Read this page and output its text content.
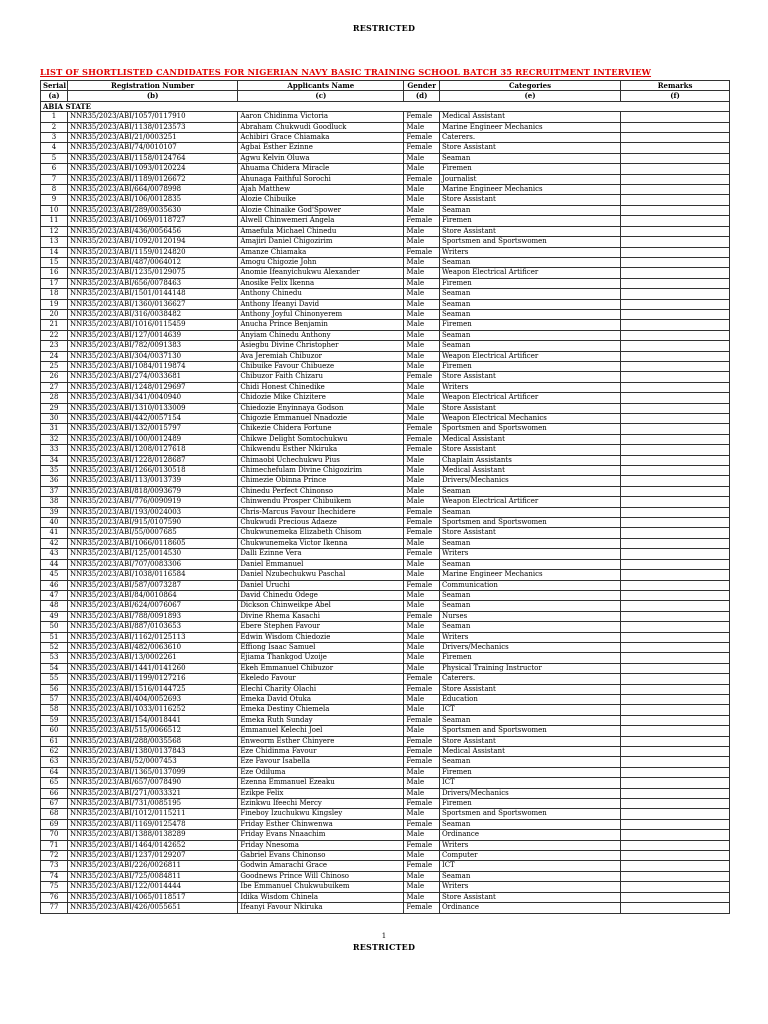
RESTRICTED
LIST OF SHORTLISTED CANDIDATES FOR NIGERIAN NAVY BASIC TRAINING SCHOOL BATCH 35 RECRUITMENT INTERVIEW
Serial	Registration Number	Applicants Name	Gender	Categories	Remarks
(a)	(b)	(c)	(d)	(e)	(f)
ABIA STATE					
1	NNR35/2023/ABI/1057/0117910	Aaron Chidinma Victoria	Female	Medical Assistant	
2	NNR35/2023/ABI/1138/0123573	Abraham Chukwudi Goodluck	Male	Marine Engineer Mechanics	
3	NNR35/2023/ABI/21/0003251	Achibiri Grace Chiamaka	Female	Caterers.	
4	NNR35/2023/ABI/74/0010107	Agbai Esther Ezinne	Female	Store Assistant	
5	NNR35/2023/ABI/1158/0124764	Agwu Kelvin Oluwa	Male	Seaman	
6	NNR35/2023/ABI/1093/0120224	Ahuama Chidera Miracle	Male	Firemen	
7	NNR35/2023/ABI/1189/0126672	Ahunaga Faithful Sorochi	Female	Journalist	
8	NNR35/2023/ABI/664/0078998	Ajah Matthew	Male	Marine Engineer Mechanics	
9	NNR35/2023/ABI/106/0012835	Alozie Chibuike	Male	Store Assistant	
10	NNR35/2023/ABI/289/0035630	Alozie Chinaike God'Spower	Male	Seaman	
11	NNR35/2023/ABI/1069/0118727	Alwell Chinwemeri Angela	Female	Firemen	
12	NNR35/2023/ABI/436/0056456	Amaefula Michael Chinedu	Male	Store Assistant	
13	NNR35/2023/ABI/1092/0120194	Amajiri Daniel Chigozirim	Male	Sportsmen and Sportswomen	
14	NNR35/2023/ABI/1159/0124820	Amanze Chiamaka	Female	Writers	
15	NNR35/2023/ABI/487/0064012	Amogu Chigozie John	Male	Seaman	
16	NNR35/2023/ABI/1235/0129075	Anomie Ifeanyichukwu Alexander	Male	Weapon Electrical Artificer	
17	NNR35/2023/ABI/656/0078463	Anosike Felix Ikenna	Male	Firemen	
18	NNR35/2023/ABI/1501/0144148	Anthony Chinedu	Male	Seaman	
19	NNR35/2023/ABI/1360/0136627	Anthony Ifeanyi David	Male	Seaman	
20	NNR35/2023/ABI/316/0038482	Anthony Joyful Chinonyerem	Male	Seaman	
21	NNR35/2023/ABI/1016/0115459	Anucha Prince Benjamin	Male	Firemen	
22	NNR35/2023/ABI/127/0014639	Anyiam Chinedu Anthony	Male	Seaman	
23	NNR35/2023/ABI/782/0091383	Asiegbu Divine Christopher	Male	Seaman	
24	NNR35/2023/ABI/304/0037130	Ava Jeremiah Chibuzor	Male	Weapon Electrical Artificer	
25	NNR35/2023/ABI/1084/0119874	Chibuike Favour Chibueze	Male	Firemen	
26	NNR35/2023/ABI/274/0033681	Chibuzor Faith Chizaru	Female	Store Assistant	
27	NNR35/2023/ABI/1248/0129697	Chidi Honest Chinedike	Male	Writers	
28	NNR35/2023/ABI/341/0040940	Chidozie Mike Chiziterе	Male	Weapon Electrical Artificer	
29	NNR35/2023/ABI/1310/0133009	Chiedozie Enyinnaya Godson	Male	Store Assistant	
30	NNR35/2023/ABI/442/0057154	Chigozie Emmanuel Nnadozie	Male	Weapon Electrical Mechanics	
31	NNR35/2023/ABI/132/0015797	Chikezie Chidera Fortune	Female	Sportsmen and Sportswomen	
32	NNR35/2023/ABI/100/0012489	Chikwe Delight Somtochukwu	Female	Medical Assistant	
33	NNR35/2023/ABI/1208/0127618	Chikwendu Esther Nkiruka	Female	Store Assistant	
34	NNR35/2023/ABI/1228/0128687	Chimaobi Uchechukwu Pius	Male	Chaplain Assistants	
35	NNR35/2023/ABI/1266/0130518	Chimechefulam Divine Chigozirim	Male	Medical Assistant	
36	NNR35/2023/ABI/113/0013739	Chimezie Obinna Prince	Male	Drivers/Mechanics	
37	NNR35/2023/ABI/818/0093679	Chinedu Perfect Chinonso	Male	Seaman	
38	NNR35/2023/ABI/776/0090919	Chinwendu Prosper Chibuikem	Male	Weapon Electrical Artificer	
39	NNR35/2023/ABI/193/0024003	Chris-Marcus Favour Ihechidere	Female	Seaman	
40	NNR35/2023/ABI/915/0107590	Chukwudi Precious Adaeze	Female	Sportsmen and Sportswomen	
41	NNR35/2023/ABI/55/0007685	Chukwunemeka Elizabeth Chisom	Female	Store Assistant	
42	NNR35/2023/ABI/1066/0118605	Chukwunemeka Victor Ikenna	Male	Seaman	
43	NNR35/2023/ABI/125/0014530	Dalli Ezinne Vera	Female	Writers	
44	NNR35/2023/ABI/707/0083306	Daniel Emmanuel	Male	Seaman	
45	NNR35/2023/ABI/1038/0116584	Daniel Nzubechukwu Paschal	Male	Marine Engineer Mechanics	
46	NNR35/2023/ABI/587/0073287	Daniel Uruchi	Female	Communication	
47	NNR35/2023/ABI/84/0010864	David Chinedu Odege	Male	Seaman	
48	NNR35/2023/ABI/624/0076067	Dickson Chinweikpe Abel	Male	Seaman	
49	NNR35/2023/ABI/788/0091893	Divine Rhema Kasachi	Female	Nurses	
50	NNR35/2023/ABI/887/0103653	Ebere Stephen Favour	Male	Seaman	
51	NNR35/2023/ABI/1162/0125113	Edwin Wisdom Chiedozie	Male	Writers	
52	NNR35/2023/ABI/482/0063610	Effiong Isaac Samuel	Male	Drivers/Mechanics	
53	NNR35/2023/ABI/13/0002261	Ejiama Thankgod Uzoije	Male	Firemen	
54	NNR35/2023/ABI/1441/0141260	Ekeh Emmanuel Chibuzor	Male	Physical Training Instructor	
55	NNR35/2023/ABI/1199/0127216	Ekeledo Favour	Female	Caterers.	
56	NNR35/2023/ABI/1516/0144725	Elechi Charity Olachi	Female	Store Assistant	
57	NNR35/2023/ABI/404/0052693	Emeka David Otuka	Male	Education	
58	NNR35/2023/ABI/1033/0116252	Emeka Destiny Chiemela	Male	ICT	
59	NNR35/2023/ABI/154/0018441	Emeka Ruth Sunday	Female	Seaman	
60	NNR35/2023/ABI/515/0066512	Emmanuel Kelechi Joel	Male	Sportsmen and Sportswomen	
61	NNR35/2023/ABI/288/0035568	Enweorm Esther Chinyere	Female	Store Assistant	
62	NNR35/2023/ABI/1380/0137843	Eze Chidinma Favour	Female	Medical Assistant	
63	NNR35/2023/ABI/52/0007453	Eze Favour Isabella	Female	Seaman	
64	NNR35/2023/ABI/1365/0137099	Eze Odiluma	Male	Firemen	
65	NNR35/2023/ABI/657/0078490	Ezenna Emmanuel Ezeaku	Male	ICT	
66	NNR35/2023/ABI/271/0033321	Ezikpe Felix	Male	Drivers/Mechanics	
67	NNR35/2023/ABI/731/0085195	Ezinkwu Ifeechi Mercy	Female	Firemen	
68	NNR35/2023/ABI/1012/0115211	Fineboy Izuchukwu Kingsley	Male	Sportsmen and Sportswomen	
69	NNR35/2023/ABI/1169/0125478	Friday Esther Chinwenwa	Female	Seaman	
70	NNR35/2023/ABI/1388/0138289	Friday Evans Nnaachim	Male	Ordinance	
71	NNR35/2023/ABI/1464/0142652	Friday Nnesoma	Female	Writers	
72	NNR35/2023/ABI/1237/0129207	Gabriel Evans Chinonso	Male	Computer	
73	NNR35/2023/ABI/226/0026811	Godwin Amarachi Grace	Female	ICT	
74	NNR35/2023/ABI/725/0084811	Goodnews Prince Will Chinoso	Male	Seaman	
75	NNR35/2023/ABI/122/0014444	Ibe Emmanuel Chukwubuikem	Male	Writers	
76	NNR35/2023/ABI/1065/0118517	Idika Wisdom Chinela	Male	Store Assistant	
77	NNR35/2023/ABI/426/0055651	Ifeanyi Favour Nkiruka	Female	Ordinance	
1
RESTRICTED
